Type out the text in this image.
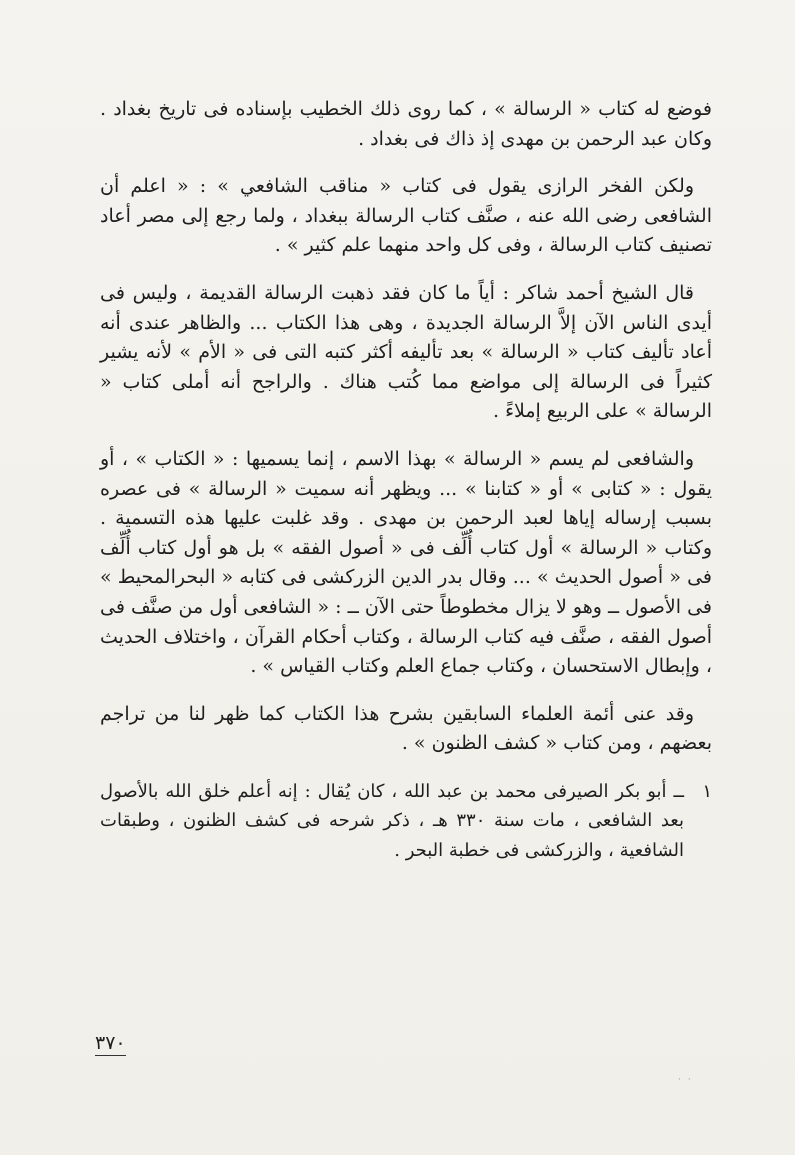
فوضع له كتاب « الرسالة » ، كما روى ذلك الخطيب بإسناده فى تاريخ بغداد . وكان عبد الرحمن بن مهدى إذ ذاك فى بغداد .

ولكن الفخر الرازى يقول فى كتاب « مناقب الشافعي » : « اعلم أن الشافعى رضى الله عنه ، صنَّف كتاب الرسالة ببغداد ، ولما رجع إلى مصر أعاد تصنيف كتاب الرسالة ، وفى كل واحد منهما علم كثير » .

قال الشيخ أحمد شاكر : أياً ما كان فقد ذهبت الرسالة القديمة ، وليس فى أيدى الناس الآن إلاَّ الرسالة الجديدة ، وهى هذا الكتاب ... والظاهر عندى أنه أعاد تأليف كتاب « الرسالة » بعد تأليفه أكثر كتبه التى فى « الأم » لأنه يشير كثيراً فى الرسالة إلى مواضع مما كُتب هناك . والراجح أنه أملى كتاب « الرسالة » على الربيع إملاءً .

والشافعى لم يسم « الرسالة » بهذا الاسم ، إنما يسميها : « الكتاب » ، أو يقول : « كتابى » أو « كتابنا » ... ويظهر أنه سميت « الرسالة » فى عصره بسبب إرساله إياها لعبد الرحمن بن مهدى . وقد غلبت عليها هذه التسمية . وكتاب « الرسالة » أول كتاب أُلِّف فى « أصول الفقه » بل هو أول كتاب أُلِّف فى « أصول الحديث » ... وقال بدر الدين الزركشى فى كتابه « البحرالمحيط » فى الأصول ــ وهو لا يزال مخطوطاً حتى الآن ــ : « الشافعى أول من صنَّف فى أصول الفقه ، صنَّف فيه كتاب الرسالة ، وكتاب أحكام القرآن ، واختلاف الحديث ، وإبطال الاستحسان ، وكتاب جماع العلم وكتاب القياس » .

وقد عنى أئمة العلماء السابقين بشرح هذا الكتاب كما ظهر لنا من تراجم بعضهم ، ومن كتاب « كشف الظنون » .

١
ــ أبو بكر الصيرفى محمد بن عبد الله ، كان يُقال : إنه أعلم خلق الله بالأصول بعد الشافعى ، مات سنة ٣٣٠ هـ ، ذكر شرحه فى كشف الظنون ، وطبقات الشافعية ، والزركشى فى خطبة البحر .

٣٧٠
· ·
